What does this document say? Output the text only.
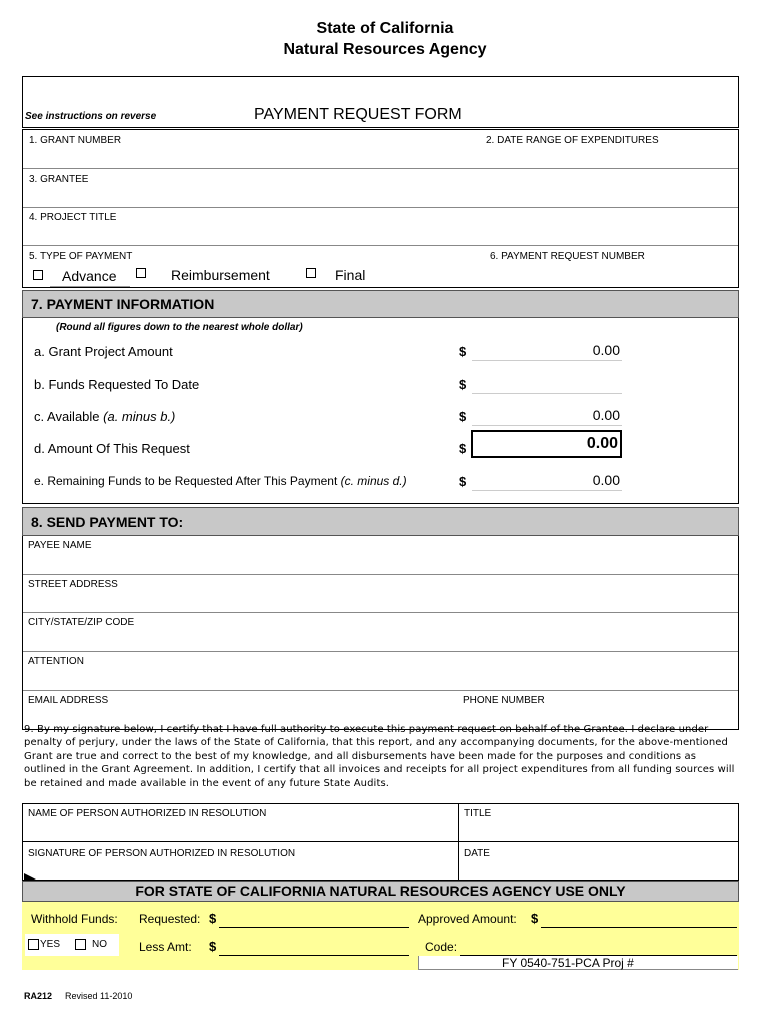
State of California
Natural Resources Agency
See instructions on reverse	PAYMENT REQUEST FORM
1. GRANT NUMBER	2. DATE RANGE OF EXPENDITURES
3. GRANTEE
4. PROJECT TITLE
5. TYPE OF PAYMENT	6. PAYMENT REQUEST NUMBER
Advance	Reimbursement	Final
7. PAYMENT INFORMATION
(Round all figures down to the nearest whole dollar)
a. Grant Project Amount	$	0.00
b. Funds Requested To Date	$
c. Available (a. minus b.)	$	0.00
d. Amount Of This Request	$	0.00
e. Remaining Funds to be Requested After This Payment (c. minus d.)	$	0.00
8. SEND PAYMENT TO:
PAYEE NAME
STREET ADDRESS
CITY/STATE/ZIP CODE
ATTENTION
EMAIL ADDRESS	PHONE NUMBER
9. By my signature below, I certify that I have full authority to execute this payment request on behalf of the Grantee. I declare under penalty of perjury, under the laws of the State of California, that this report, and any accompanying documents, for the above-mentioned Grant are true and correct to the best of my knowledge, and all disbursements have been made for the purposes and conditions as outlined in the Grant Agreement. In addition, I certify that all invoices and receipts for all project expenditures from all funding sources will be retained and made available in the event of any future State Audits.
NAME OF PERSON AUTHORIZED IN RESOLUTION	TITLE
SIGNATURE OF PERSON AUTHORIZED IN RESOLUTION	DATE
FOR STATE OF CALIFORNIA NATURAL RESOURCES AGENCY USE ONLY
Withhold Funds: Requested: $	Approved Amount: $
YES	NO	Less Amt: $	Code:
FY 0540-751-PCA Proj #
RA212 Revised 11-2010
